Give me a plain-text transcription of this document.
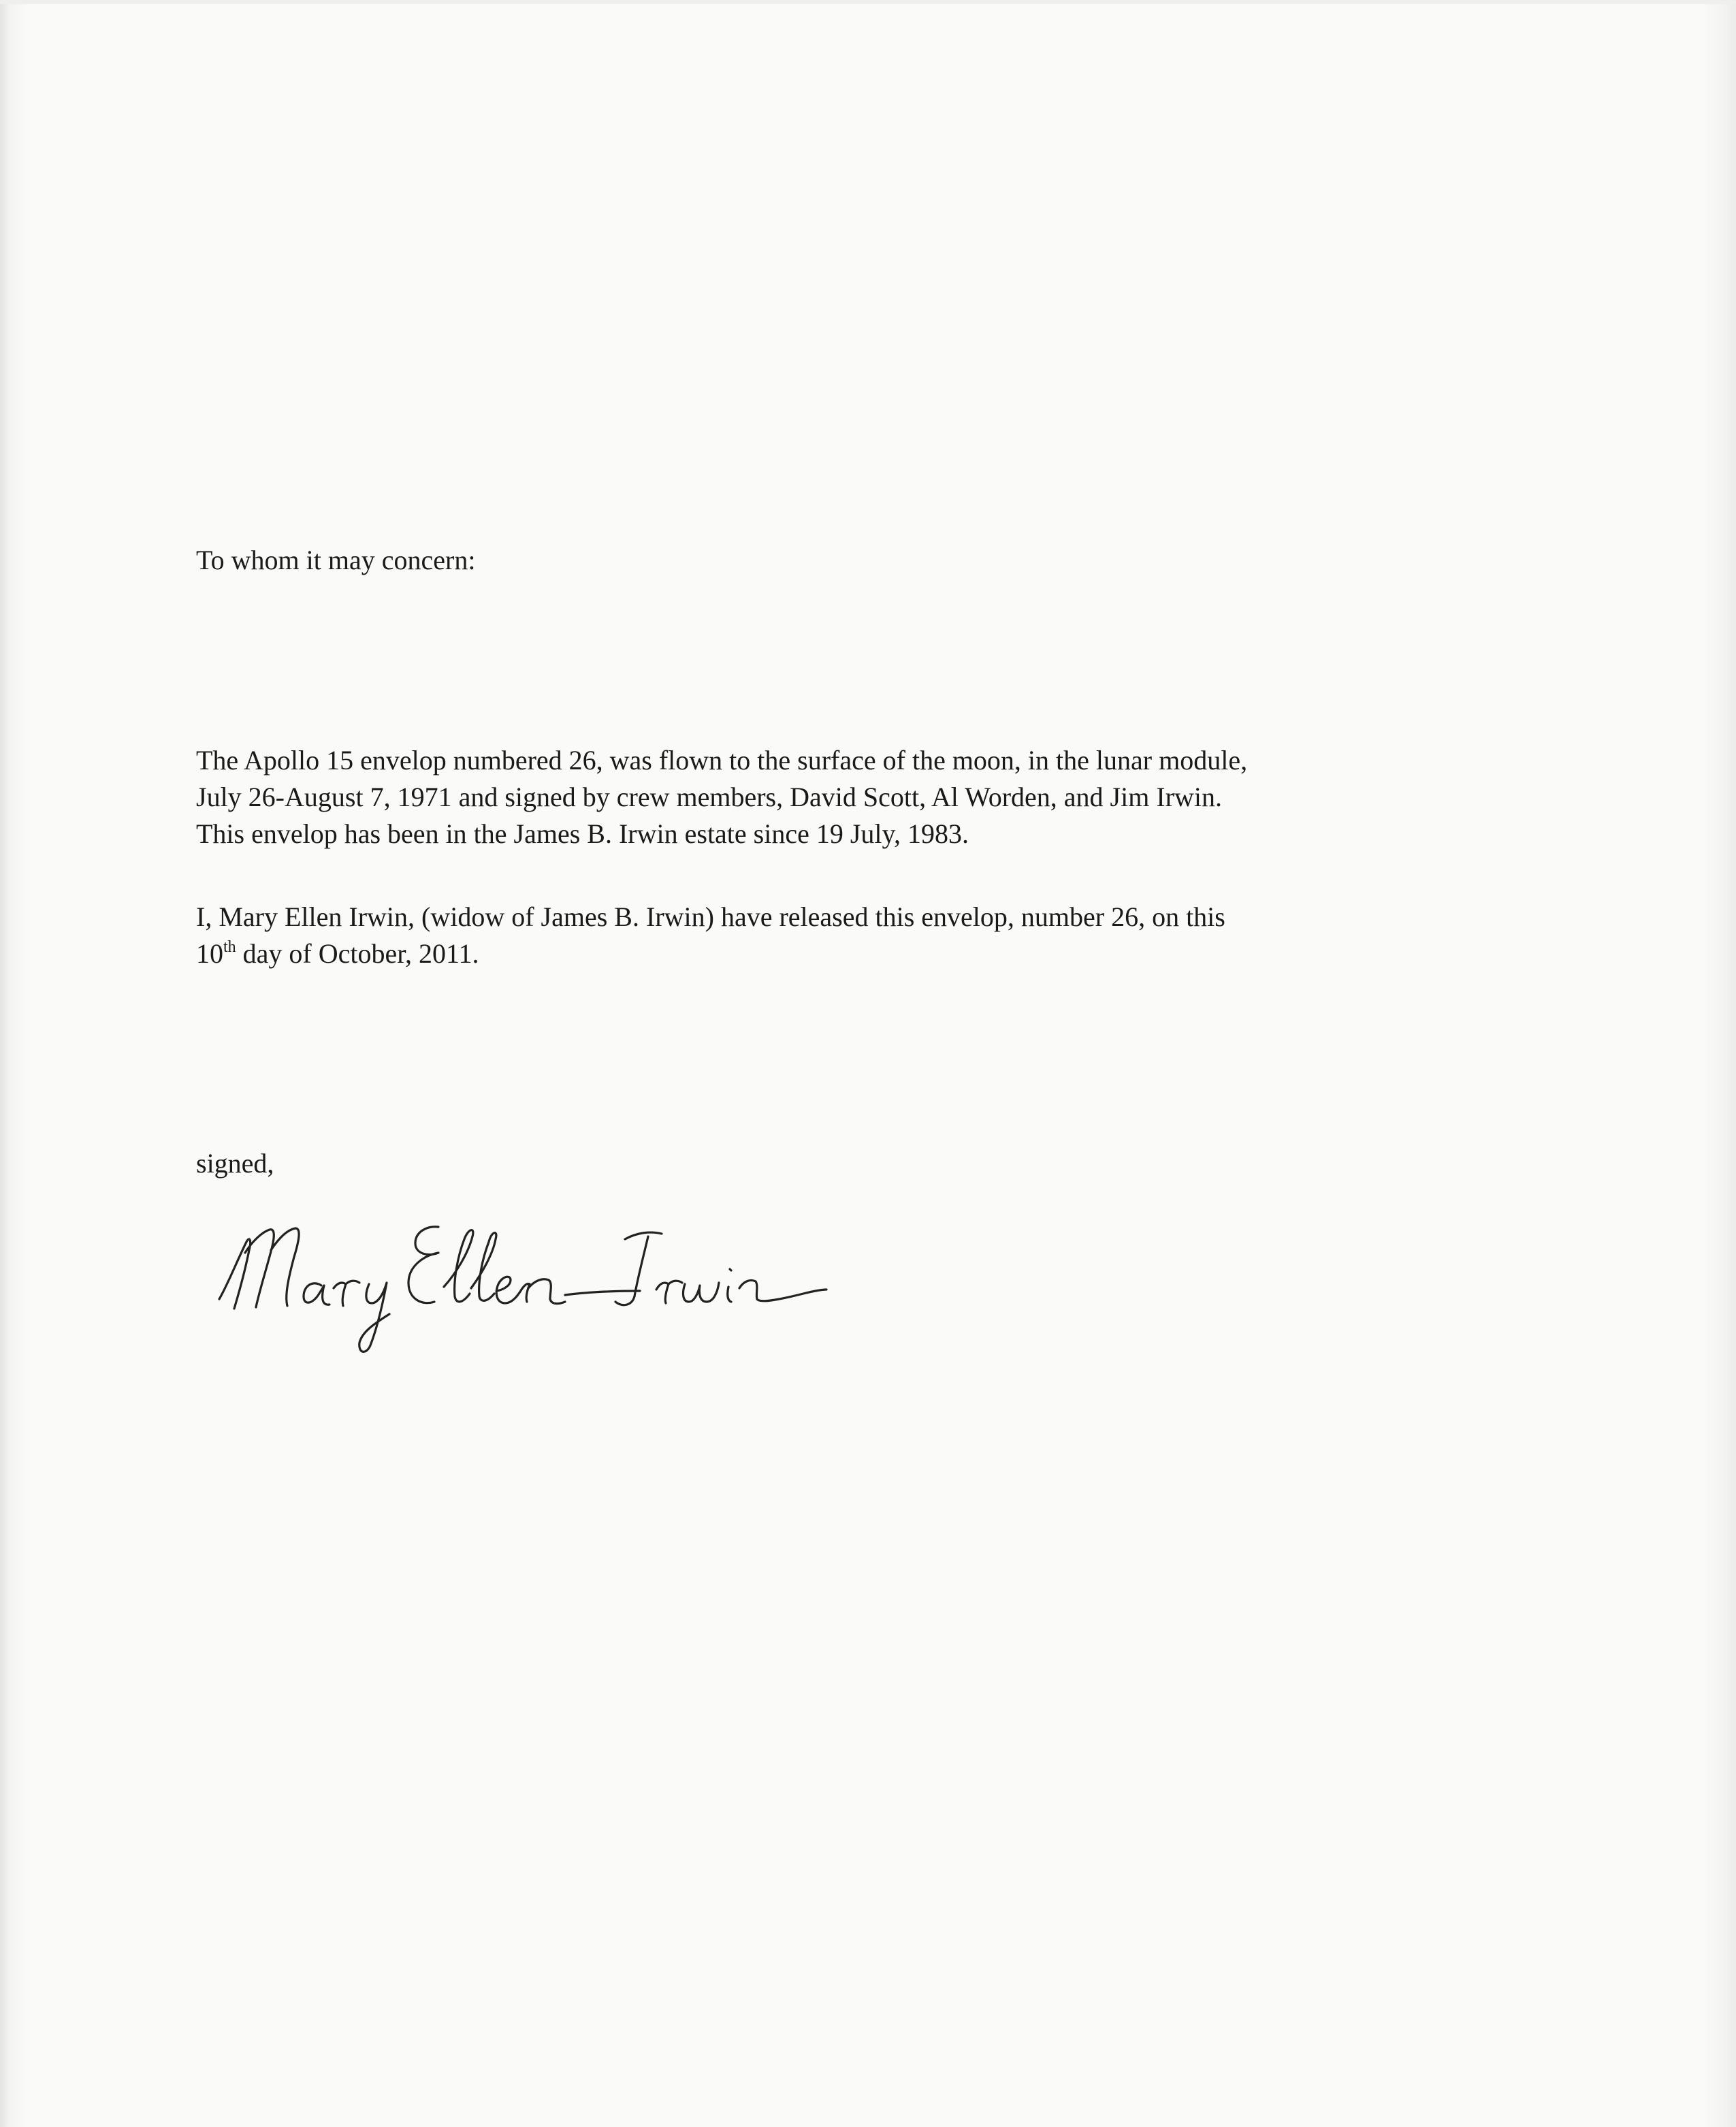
To whom it may concern:
The Apollo 15 envelop numbered 26, was flown to the surface of the moon, in the lunar module,
July 26-August 7, 1971 and signed by crew members, David Scott, Al Worden, and Jim Irwin.
This envelop has been in the James B. Irwin estate since 19 July, 1983.
I, Mary Ellen Irwin, (widow of James B. Irwin) have released this envelop, number 26, on this
10th day of October, 2011.
signed,
